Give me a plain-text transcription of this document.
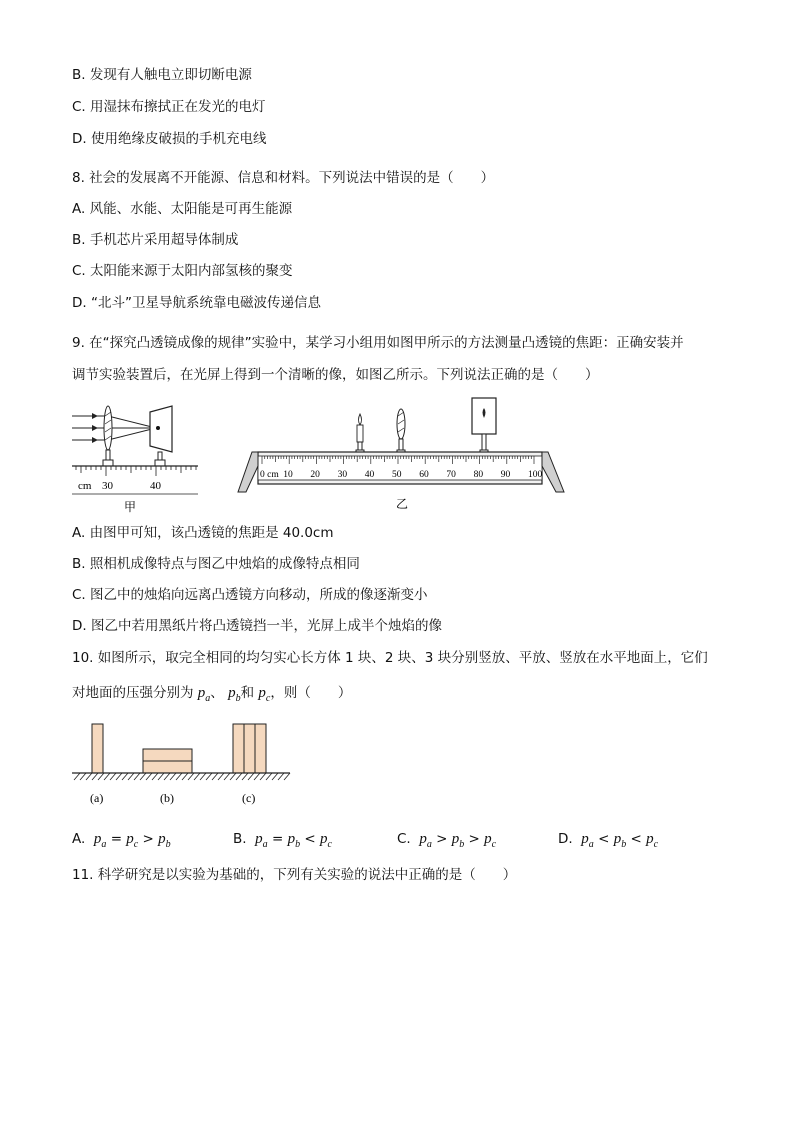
B. 发现有人触电立即切断电源
C. 用湿抹布擦拭正在发光的电灯
D. 使用绝缘皮破损的手机充电线
8. 社会的发展离不开能源、信息和材料。下列说法中错误的是（　　）
A. 风能、水能、太阳能是可再生能源
B. 手机芯片采用超导体制成
C. 太阳能来源于太阳内部氢核的聚变
D. “北斗”卫星导航系统靠电磁波传递信息
9. 在“探究凸透镜成像的规律”实验中，某学习小组用如图甲所示的方法测量凸透镜的焦距：正确安装并
调节实验装置后，在光屏上得到一个清晰的像，如图乙所示。下列说法正确的是（　　）
cm 30	40
甲
0 cm 10 20 30 40 50 60 70 80 90 100
乙
A. 由图甲可知，该凸透镜的焦距是 40.0cm
B. 照相机成像特点与图乙中烛焰的成像特点相同
C. 图乙中的烛焰向远离凸透镜方向移动，所成的像逐渐变小
D. 图乙中若用黑纸片将凸透镜挡一半，光屏上成半个烛焰的像
10. 如图所示，取完全相同的均匀实心长方体 1 块、2 块、3 块分别竖放、平放、竖放在水平地面上，它们
对地面的压强分别为 $p_a$、 $p_b$和 $p_c$，则（　　）
(a)	(b)	(c)
A. $p_a = p_c > p_b$	B. $p_a = p_b < p_c$	C. $p_a > p_b > p_c$	D. $p_a < p_b < p_c$
11. 科学研究是以实验为基础的，下列有关实验的说法中正确的是（　　）
